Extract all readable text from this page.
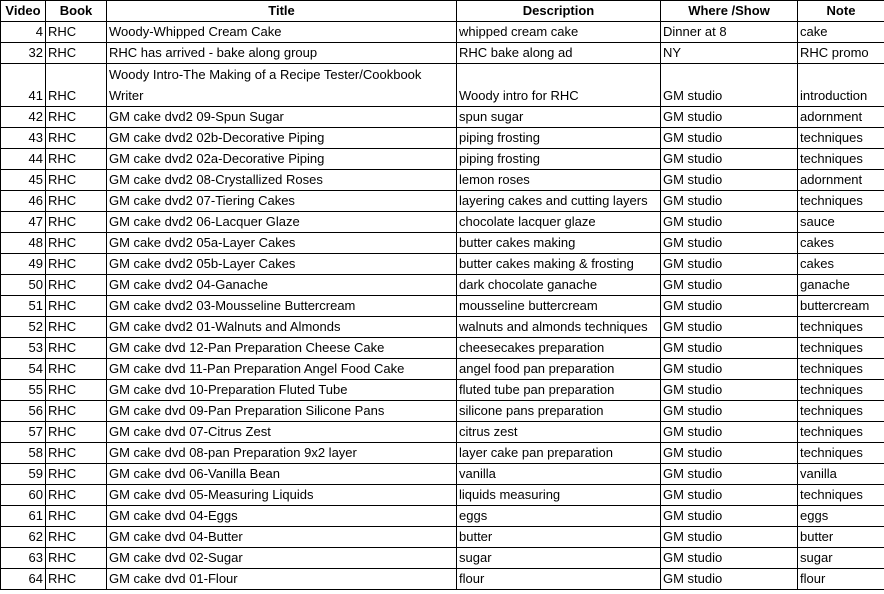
Video	Book	Title	Description	Where /Show	Note
4	RHC	Woody-Whipped Cream Cake	whipped cream cake	Dinner at 8	cake
32	RHC	RHC has arrived - bake along group	RHC bake along ad	NY	RHC promo
41	RHC	Woody Intro-The Making of a Recipe Tester/Cookbook Writer	Woody intro for RHC	GM studio	introduction
42	RHC	GM cake dvd2 09-Spun Sugar	spun sugar	GM studio	adornment
43	RHC	GM cake dvd2 02b-Decorative Piping	piping frosting	GM studio	techniques
44	RHC	GM cake dvd2 02a-Decorative Piping	piping frosting	GM studio	techniques
45	RHC	GM cake dvd2 08-Crystallized Roses	lemon roses	GM studio	adornment
46	RHC	GM cake dvd2 07-Tiering Cakes	layering cakes and cutting layers	GM studio	techniques
47	RHC	GM cake dvd2 06-Lacquer Glaze	chocolate lacquer glaze	GM studio	sauce
48	RHC	GM cake dvd2 05a-Layer Cakes	butter cakes making	GM studio	cakes
49	RHC	GM cake dvd2 05b-Layer Cakes	butter cakes making & frosting	GM studio	cakes
50	RHC	GM cake dvd2 04-Ganache	dark chocolate ganache	GM studio	ganache
51	RHC	GM cake dvd2 03-Mousseline Buttercream	mousseline buttercream	GM studio	buttercream
52	RHC	GM cake dvd2 01-Walnuts and Almonds	walnuts and almonds techniques	GM studio	techniques
53	RHC	GM cake dvd 12-Pan Preparation Cheese Cake	cheesecakes preparation	GM studio	techniques
54	RHC	GM cake dvd 11-Pan Preparation Angel Food Cake	angel food pan preparation	GM studio	techniques
55	RHC	GM cake dvd 10-Preparation Fluted Tube	fluted tube pan preparation	GM studio	techniques
56	RHC	GM cake dvd 09-Pan Preparation Silicone Pans	silicone pans preparation	GM studio	techniques
57	RHC	GM cake dvd 07-Citrus Zest	citrus zest	GM studio	techniques
58	RHC	GM cake dvd 08-pan Preparation 9x2 layer	layer cake pan preparation	GM studio	techniques
59	RHC	GM cake dvd 06-Vanilla Bean	vanilla	GM studio	vanilla
60	RHC	GM cake dvd 05-Measuring Liquids	liquids measuring	GM studio	techniques
61	RHC	GM cake dvd 04-Eggs	eggs	GM studio	eggs
62	RHC	GM cake dvd 04-Butter	butter	GM studio	butter
63	RHC	GM cake dvd 02-Sugar	sugar	GM studio	sugar
64	RHC	GM cake dvd 01-Flour	flour	GM studio	flour
